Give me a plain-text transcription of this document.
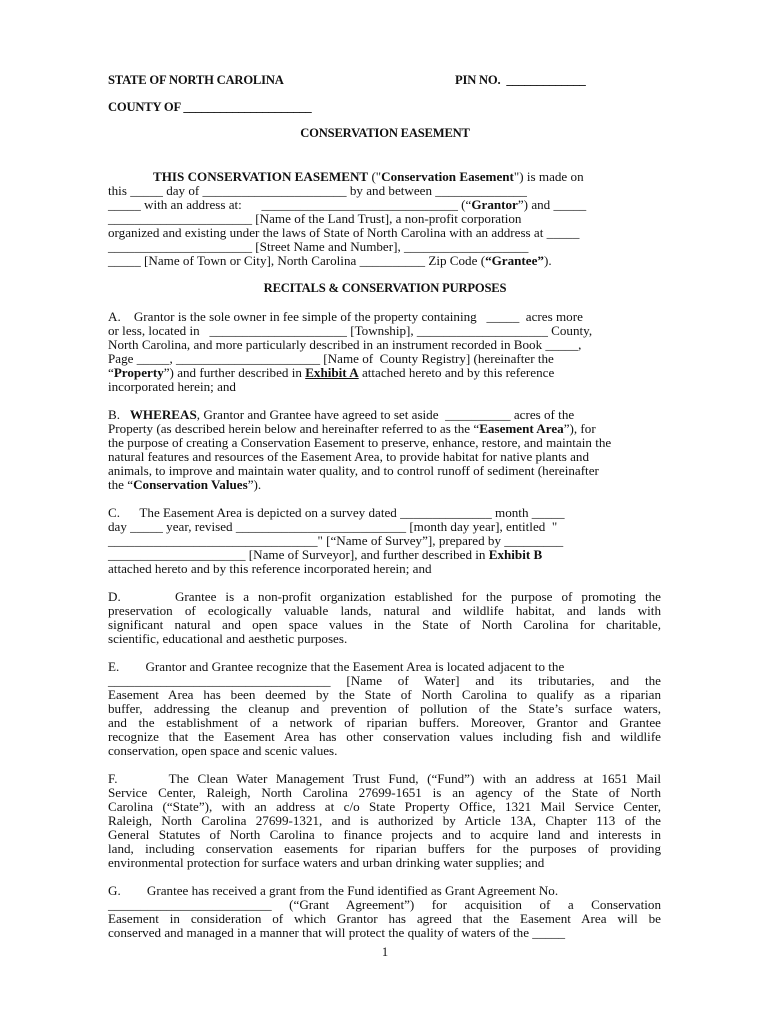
STATE OF NORTH CAROLINA	PIN NO.  _____________
COUNTY OF _____________________
CONSERVATION EASEMENT
THIS CONSERVATION EASEMENT ("Conservation Easement") is made on
this _____ day of ______________________ by and between ______________
_____ with an address at:      ______________________________ (“Grantor”) and _____
______________________ [Name of the Land Trust], a non-profit corporation
organized and existing under the laws of State of North Carolina with an address at _____
______________________ [Street Name and Number], ___________________
_____ [Name of Town or City], North Carolina __________ Zip Code (“Grantee”).
RECITALS & CONSERVATION PURPOSES
A.    Grantor is the sole owner in fee simple of the property containing   _____  acres more
or less, located in   _____________________ [Township], ____________________ County,
North Carolina, and more particularly described in an instrument recorded in Book _____,
Page _____, ______________________ [Name of  County Registry] (hereinafter the
“Property”) and further described in Exhibit A attached hereto and by this reference
incorporated herein; and
B.   WHEREAS, Grantor and Grantee have agreed to set aside  __________ acres of the
Property (as described herein below and hereinafter referred to as the “Easement Area”), for
the purpose of creating a Conservation Easement to preserve, enhance, restore, and maintain the
natural features and resources of the Easement Area, to provide habitat for native plants and
animals, to improve and maintain water quality, and to control runoff of sediment (hereinafter
the “Conservation Values”).
C.      The Easement Area is depicted on a survey dated ______________ month _____
day _____ year, revised __________________________ [month day year], entitled  "
________________________________" [“Name of Survey”], prepared by _________
_____________________ [Name of Surveyor], and further described in Exhibit B
attached hereto and by this reference incorporated herein; and
D.      Grantee is a non-profit organization established for the purpose of promoting the
preservation of ecologically valuable lands, natural and wildlife habitat, and lands with
significant natural and open space values in the State of North Carolina for charitable,
scientific, educational and aesthetic purposes.
E.        Grantor and Grantee recognize that the Easement Area is located adjacent to the
__________________________________ [Name of Water] and its tributaries, and the
Easement Area has been deemed by the State of North Carolina to qualify as a riparian
buffer, addressing the cleanup and prevention of pollution of the State’s surface waters,
and the establishment of a network of riparian buffers. Moreover, Grantor and Grantee
recognize that the Easement Area has other conservation values including fish and wildlife
conservation, open space and scenic values.
F.      The Clean Water Management Trust Fund, (“Fund”) with an address at 1651 Mail
Service Center, Raleigh, North Carolina 27699-1651 is an agency of the State of North
Carolina (“State”), with an address at c/o State Property Office, 1321 Mail Service Center,
Raleigh, North Carolina 27699-1321, and is authorized by Article 13A, Chapter 113 of the
General Statutes of North Carolina to finance projects and to acquire land and interests in
land, including conservation easements for riparian buffers for the purposes of providing
environmental protection for surface waters and urban drinking water supplies; and
G.        Grantee has received a grant from the Fund identified as Grant Agreement No.
_________________________ (“Grant Agreement”) for acquisition of a Conservation
Easement in consideration of which Grantor has agreed that the Easement Area will be
conserved and managed in a manner that will protect the quality of waters of the _____
1
